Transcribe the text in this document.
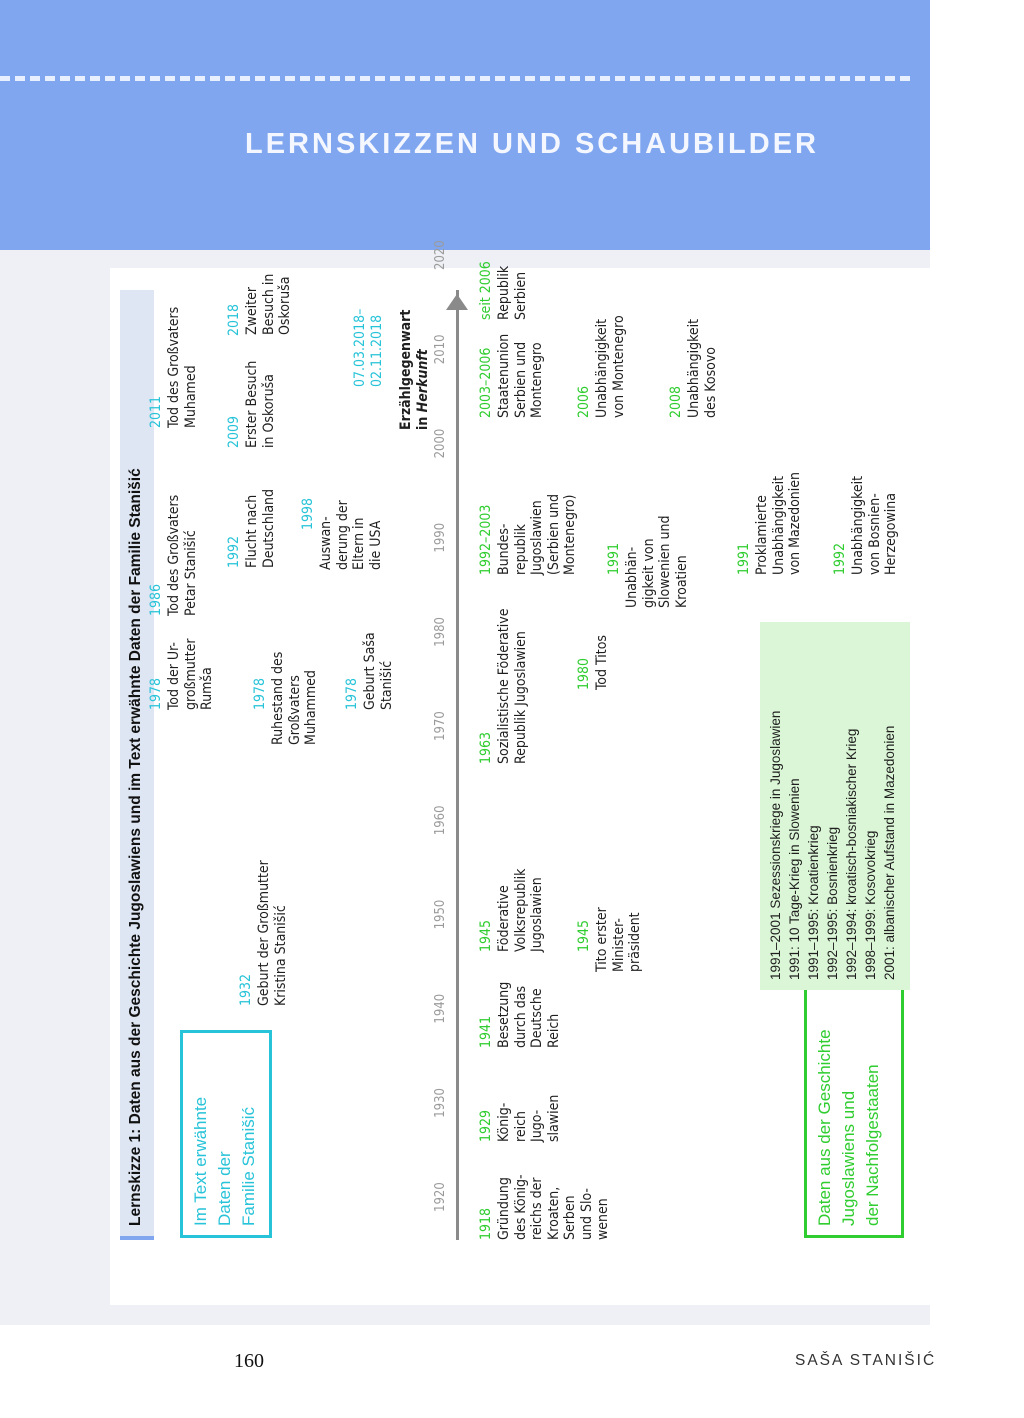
LERNSKIZZEN UND SCHAUBILDER
Lernskizze 1: Daten aus der Geschichte Jugoslawiens und im Text erwähnte Daten der Familie Stanišić	Im Text erwähnte
Daten der
Familie Stanišić
Daten aus der Geschichte
Jugoslawiens und
der Nachfolgestaaten
1991–2001 Sezessionskriege in Jugoslawien
1991: 10 Tage-Krieg in Slowenien
1991–1995: Kroatienkrieg
1992–1995: Bosnienkrieg
1992–1994: kroatisch-bosniakischer Krieg
1998–1999: Kosovokrieg
2001: albanischer Aufstand in Mazedonien
1920
1930
1940
1950
1960
1970
1980
1990
2000
2010
2020
1932 Geburt der Großmutter
Kristina Stanišić
1978 Tod der Ur-
großmutter
Rumša	1978 Ruhestand des
Großvaters
Muhammed 1978 Geburt Saša
Stanišić
1986 Tod des Großvaters
Petar Stanišić 1992 Flucht nach
Deutschland 1998
Auswan-
derung der
Eltern in
die USA
2009 Erster Besuch
in Oskoruša
2011 Tod des Großvaters
Muhamed
2018 Zweiter
Besuch in
Oskoruša
07.03.2018–
02.11.2018 Erzählgegenwart
in Herkunft
1918 Gründung
des König-
reichs der
Kroaten,
Serben
und Slo-
wenen
1929 König-
reich
Jugo-
slawien
1941 Besetzung
durch das
Deutsche
Reich
1945 Föderative
Volksrepublik
Jugoslawien 1945
Tito erster
Minister-
präsident
1963 Sozialistische Föderative
Republik Jugoslawien	1980 Tod Titos
1992–2003 Bundes-
republik
Jugoslawien
(Serbien und
Montenegro) 1991 Unabhän-
gigkeit von
Slowenien und
Kroatien	1991 Proklamierte
Unabhängigkeit
von Mazedonien
1992 Unabhängigkeit
von Bosnien-
Herzegowina
2003–2006 Staatenunion
Serbien und
Montenegro 2006 Unabhängigkeit
von Montenegro
2008 Unabhängigkeit
des Kosovo
seit 2006 Republik
Serbien
160	SAŠA STANIŠIĆ
